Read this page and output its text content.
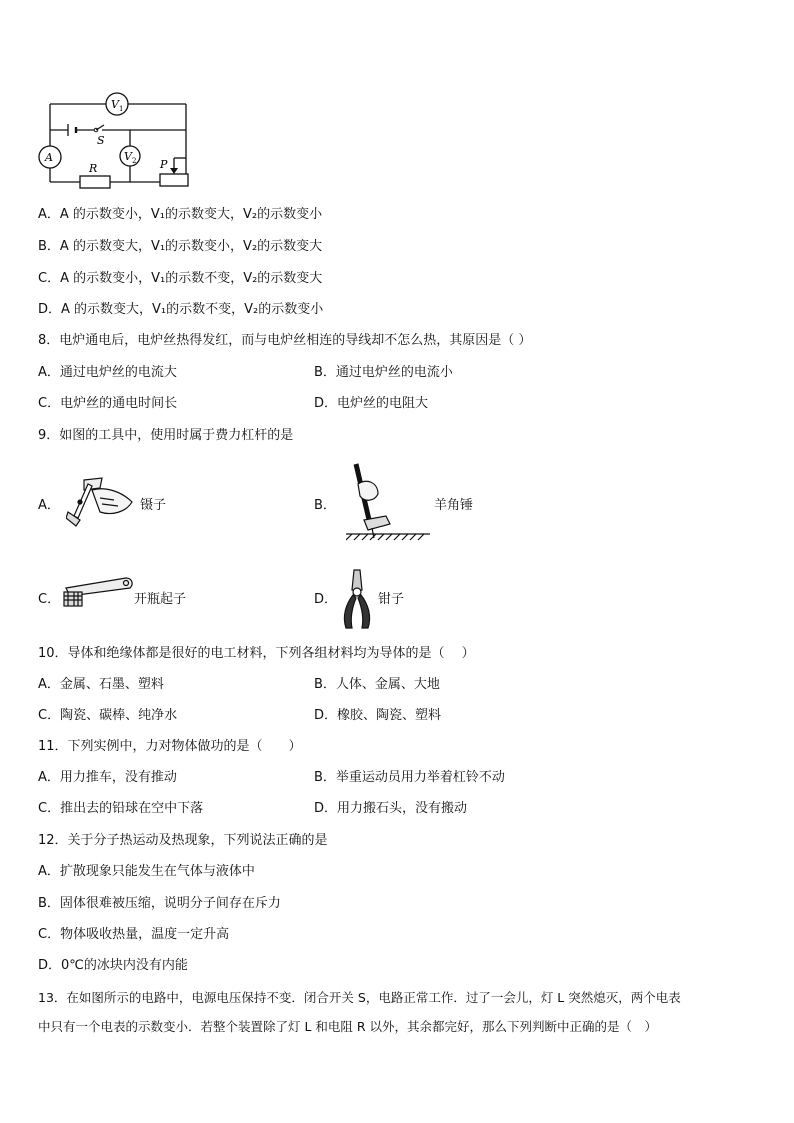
V 1
S
A	V 2
R	P
A．A 的示数变小，V₁的示数变大，V₂的示数变小
B．A 的示数变大，V₁的示数变小，V₂的示数变大
C．A 的示数变小，V₁的示数不变，V₂的示数变大
D．A 的示数变大，V₁的示数不变，V₂的示数变小
8．电炉通电后，电炉丝热得发红，而与电炉丝相连的导线却不怎么热，其原因是（ ）
A．通过电炉丝的电流大	B．通过电炉丝的电流小
C．电炉丝的通电时间长	D．电炉丝的电阻大
9．如图的工具中，使用时属于费力杠杆的是
A．	镊子	B．	羊角锤
C．	开瓶起子	D．	钳子
10．导体和绝缘体都是很好的电工材料，下列各组材料均为导体的是（　 ）
A．金属、石墨、塑料	B．人体、金属、大地
C．陶瓷、碳棒、纯净水	D．橡胶、陶瓷、塑料
11．下列实例中，力对物体做功的是（　　）
A．用力推车，没有推动	B．举重运动员用力举着杠铃不动
C．推出去的铅球在空中下落	D．用力搬石头，没有搬动
12．关于分子热运动及热现象，下列说法正确的是
A．扩散现象只能发生在气体与液体中
B．固体很难被压缩，说明分子间存在斥力
C．物体吸收热量，温度一定升高
D．0℃的冰块内没有内能
13．在如图所示的电路中，电源电压保持不变．闭合开关 S，电路正常工作．过了一会儿，灯 L 突然熄灭，两个电表
中只有一个电表的示数变小．若整个装置除了灯 L 和电阻 R 以外，其余都完好，那么下列判断中正确的是（　）
